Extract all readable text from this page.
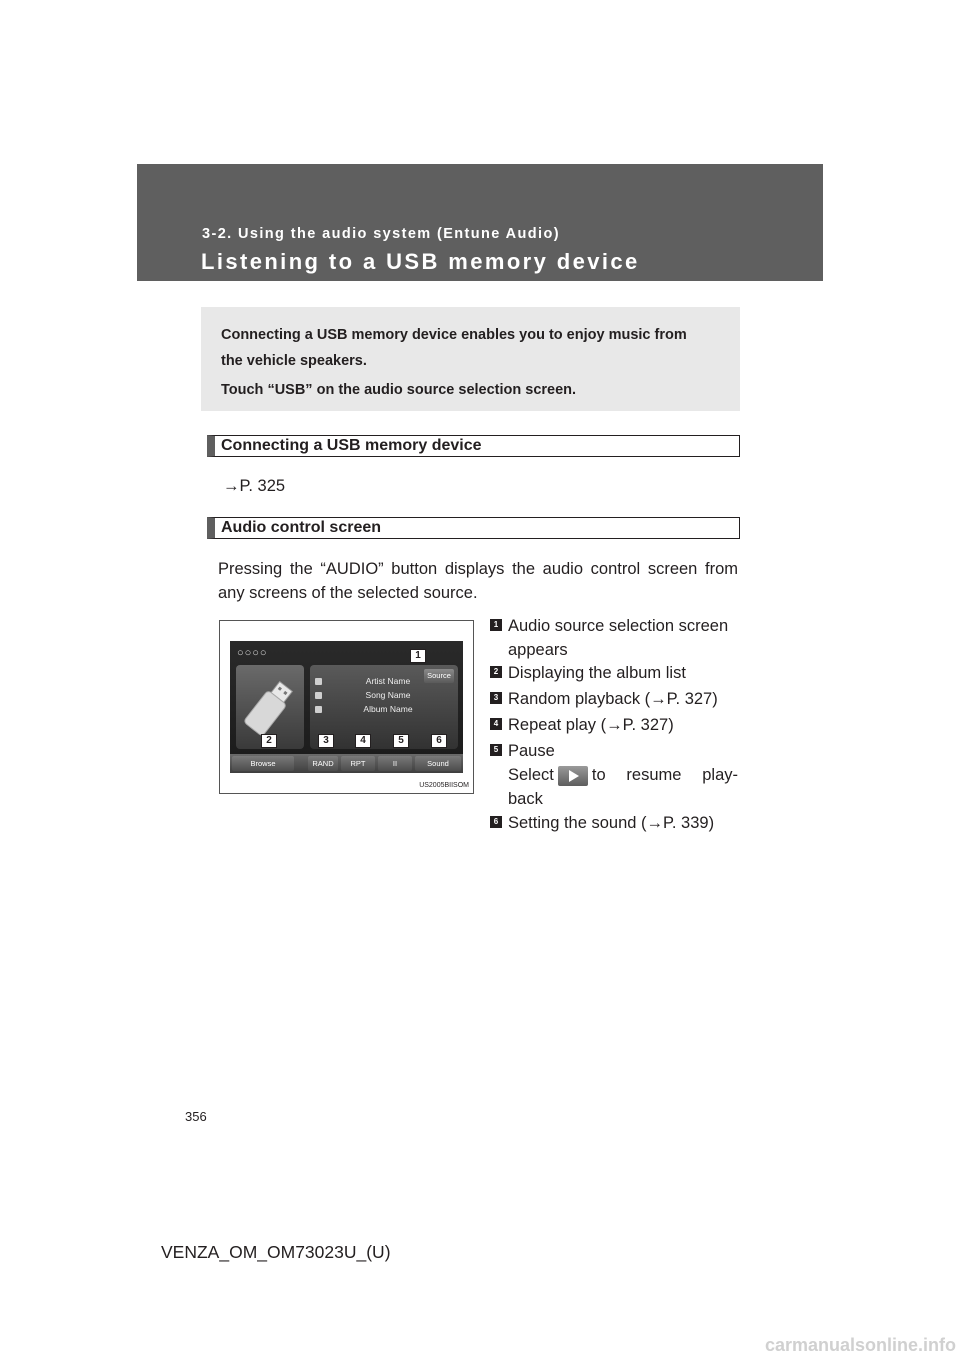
3-2. Using the audio system (Entune Audio)
Listening to a USB memory device

Connecting a USB memory device enables you to enjoy music from

the vehicle speakers.

Touch “USB” on the audio source selection screen.

Connecting a USB memory device
→P. 325
Audio control screen
Pressing the “AUDIO” button displays the audio control screen from
any screens of the selected source.
○○○○
Source
Artist Name
Song Name
Album Name
Browse	RAND	RPT	II	Sound
1
2	3	4	5	6
US2005BIISOM
1 Audio source selection screen
appears
2 Displaying the album list
3 Random playback (→P. 327)
4 Repeat play (→P. 327)
5 Pause
Select to resume play-
back
6 Setting the sound (→P. 339)
356
VENZA_OM_OM73023U_(U)
carmanualsonline.info
